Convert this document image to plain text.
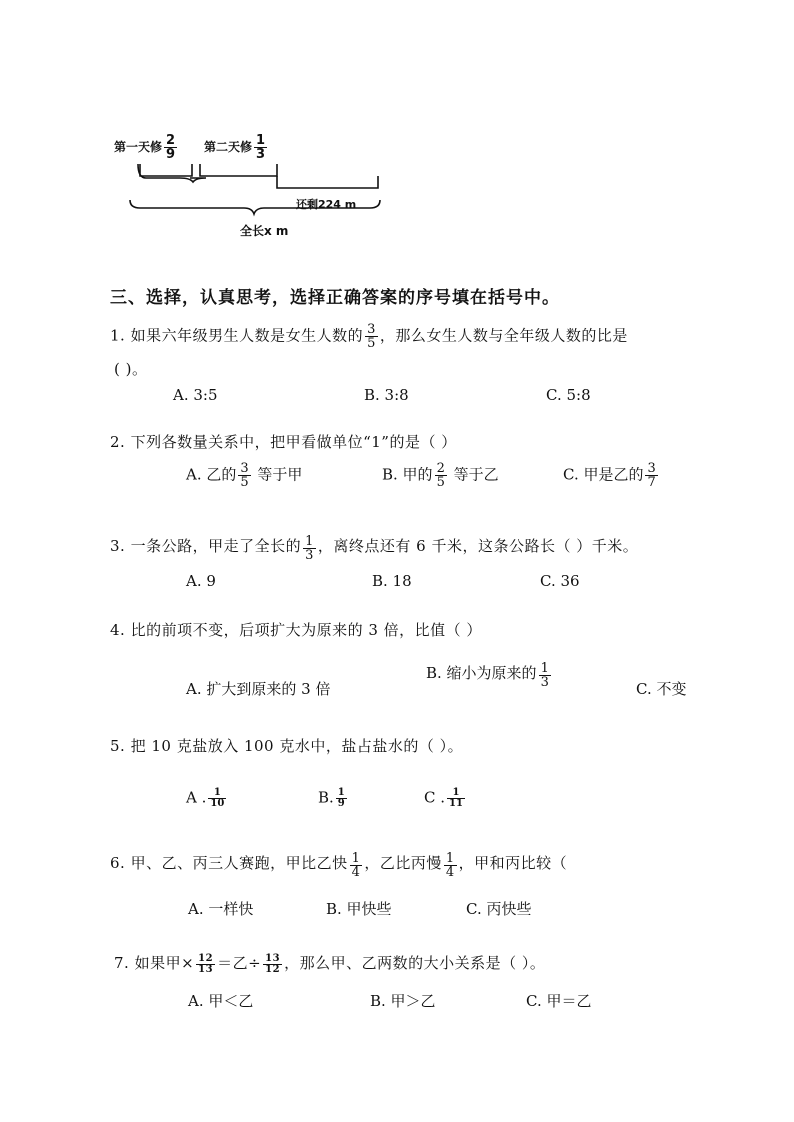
第一天修 $\frac{2}{9}$ 第二天修 $\frac{1}{3}$
还剩224 m
全长x m
三、选择，认真思考，选择正确答案的序号填在括号中。
1. 如果六年级男生人数是女生人数的 $\frac{3}{5}$ ，那么女生人数与全年级人数的比是
( )。
A. 3:5	B. 3:8	C. 5:8
2. 下列各数量关系中，把甲看做单位“1”的是（ ）
A. 乙的 $\frac{3}{5}$ 等于甲	B. 甲的 $\frac{2}{5}$ 等于乙	C. 甲是乙的 $\frac{3}{7}$
3. 一条公路，甲走了全长的 $\frac{1}{3}$ ，离终点还有 6 千米，这条公路长（ ）千米。
A. 9	B. 18	C. 36
4. 比的前项不变，后项扩大为原来的 3 倍，比值（ ）
A. 扩大到原来的 3 倍
B. 缩小为原来的 $\frac{1}{3}$	C. 不变
5. 把 10 克盐放入 100 克水中，盐占盐水的（ ）。
A . $\frac{1}{10}$	B. $\frac{1}{9}$	C . $\frac{1}{11}$
6. 甲、乙、丙三人赛跑，甲比乙快 $\frac{1}{4}$ ，乙比丙慢 $\frac{1}{4}$ ，甲和丙比较（
A. 一样快	B. 甲快些	C. 丙快些
7. 如果甲× $\frac{12}{13}$ ＝乙÷ $\frac{13}{12}$ ，那么甲、乙两数的大小关系是（ ）。
A. 甲＜乙	B. 甲＞乙	C. 甲＝乙
